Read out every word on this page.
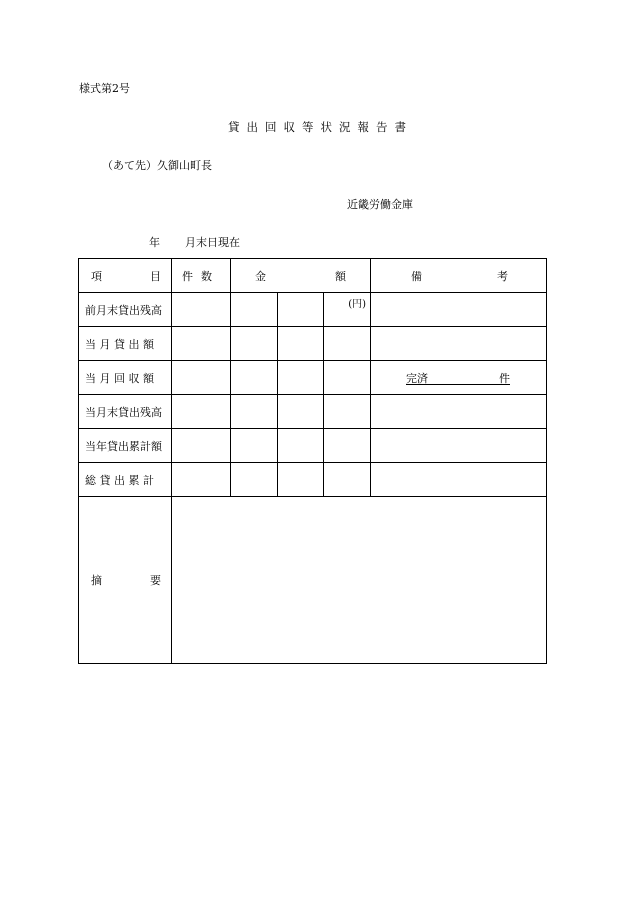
様式第2号
貸出回収等状況報告書
（あて先）久御山町長
近畿労働金庫
年 月末日現在
項 目	件数	金 額			備 考

前月末貸出残高				(円)	

当 月 貸 出 額					
当 月 回 収 額					完済 件

当月末貸出残高					
当年貸出累計額					
総 貸 出 累 計					

摘 要					
